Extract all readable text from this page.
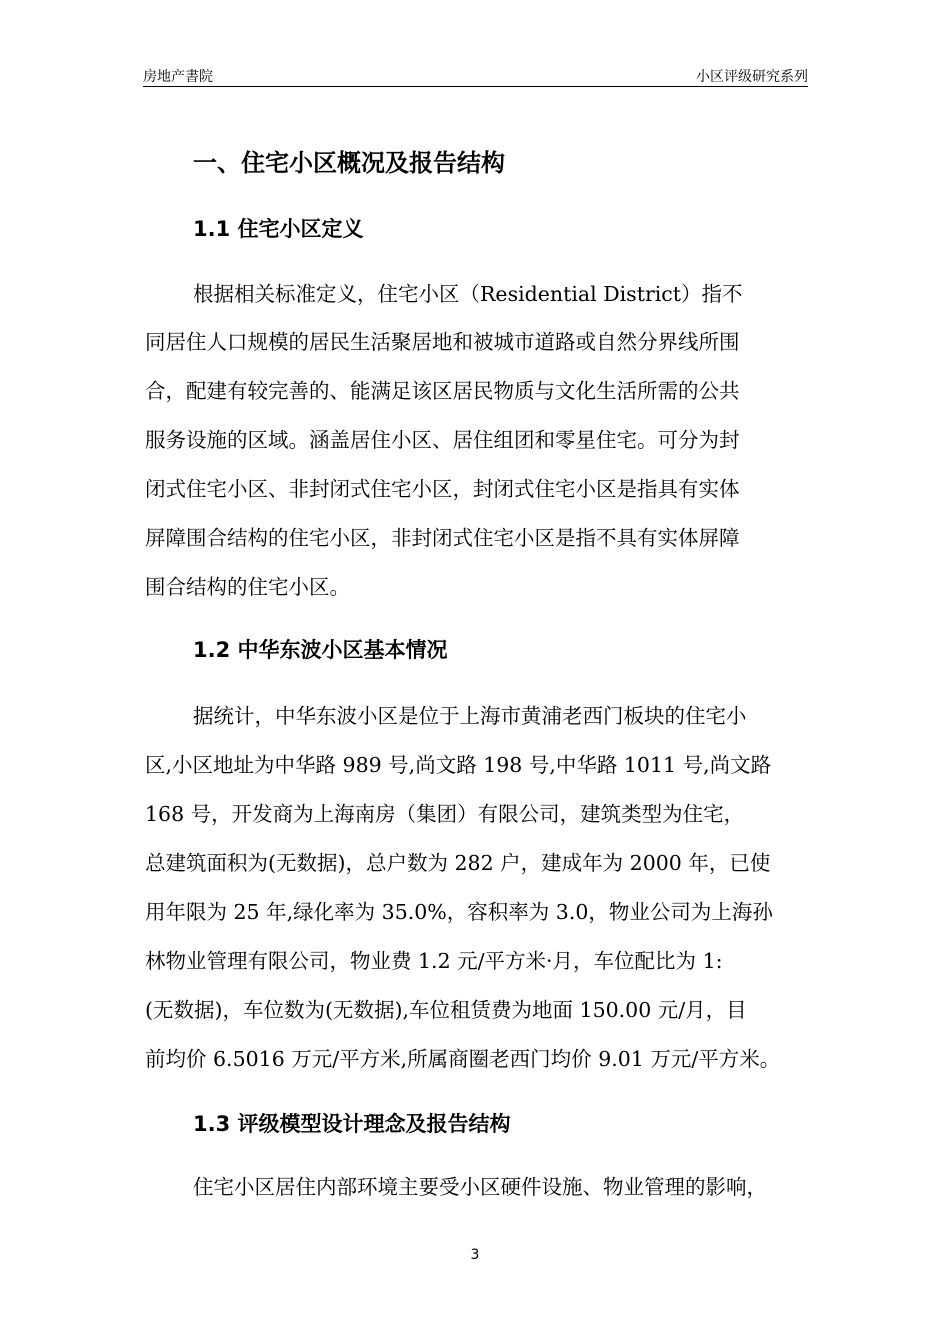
房地产書院	小区评级研究系列
一、住宅小区概况及报告结构
1.1 住宅小区定义
根据相关标准定义，住宅小区（Residential District）指不
同居住人口规模的居民生活聚居地和被城市道路或自然分界线所围
合，配建有较完善的、能满足该区居民物质与文化生活所需的公共
服务设施的区域。涵盖居住小区、居住组团和零星住宅。可分为封
闭式住宅小区、非封闭式住宅小区，封闭式住宅小区是指具有实体
屏障围合结构的住宅小区，非封闭式住宅小区是指不具有实体屏障
围合结构的住宅小区。
1.2 中华东波小区基本情况
据统计，中华东波小区是位于上海市黄浦老西门板块的住宅小
区,小区地址为中华路 989 号,尚文路 198 号,中华路 1011 号,尚文路
168 号，开发商为上海南房（集团）有限公司，建筑类型为住宅，
总建筑面积为(无数据)，总户数为 282 户，建成年为 2000 年，已使
用年限为 25 年,绿化率为 35.0%，容积率为 3.0，物业公司为上海孙
林物业管理有限公司，物业费 1.2 元/平方米·月，车位配比为 1:
(无数据)，车位数为(无数据),车位租赁费为地面 150.00 元/月，目
前均价 6.5016 万元/平方米,所属商圈老西门均价 9.01 万元/平方米。
1.3 评级模型设计理念及报告结构
住宅小区居住内部环境主要受小区硬件设施、物业管理的影响，
3
